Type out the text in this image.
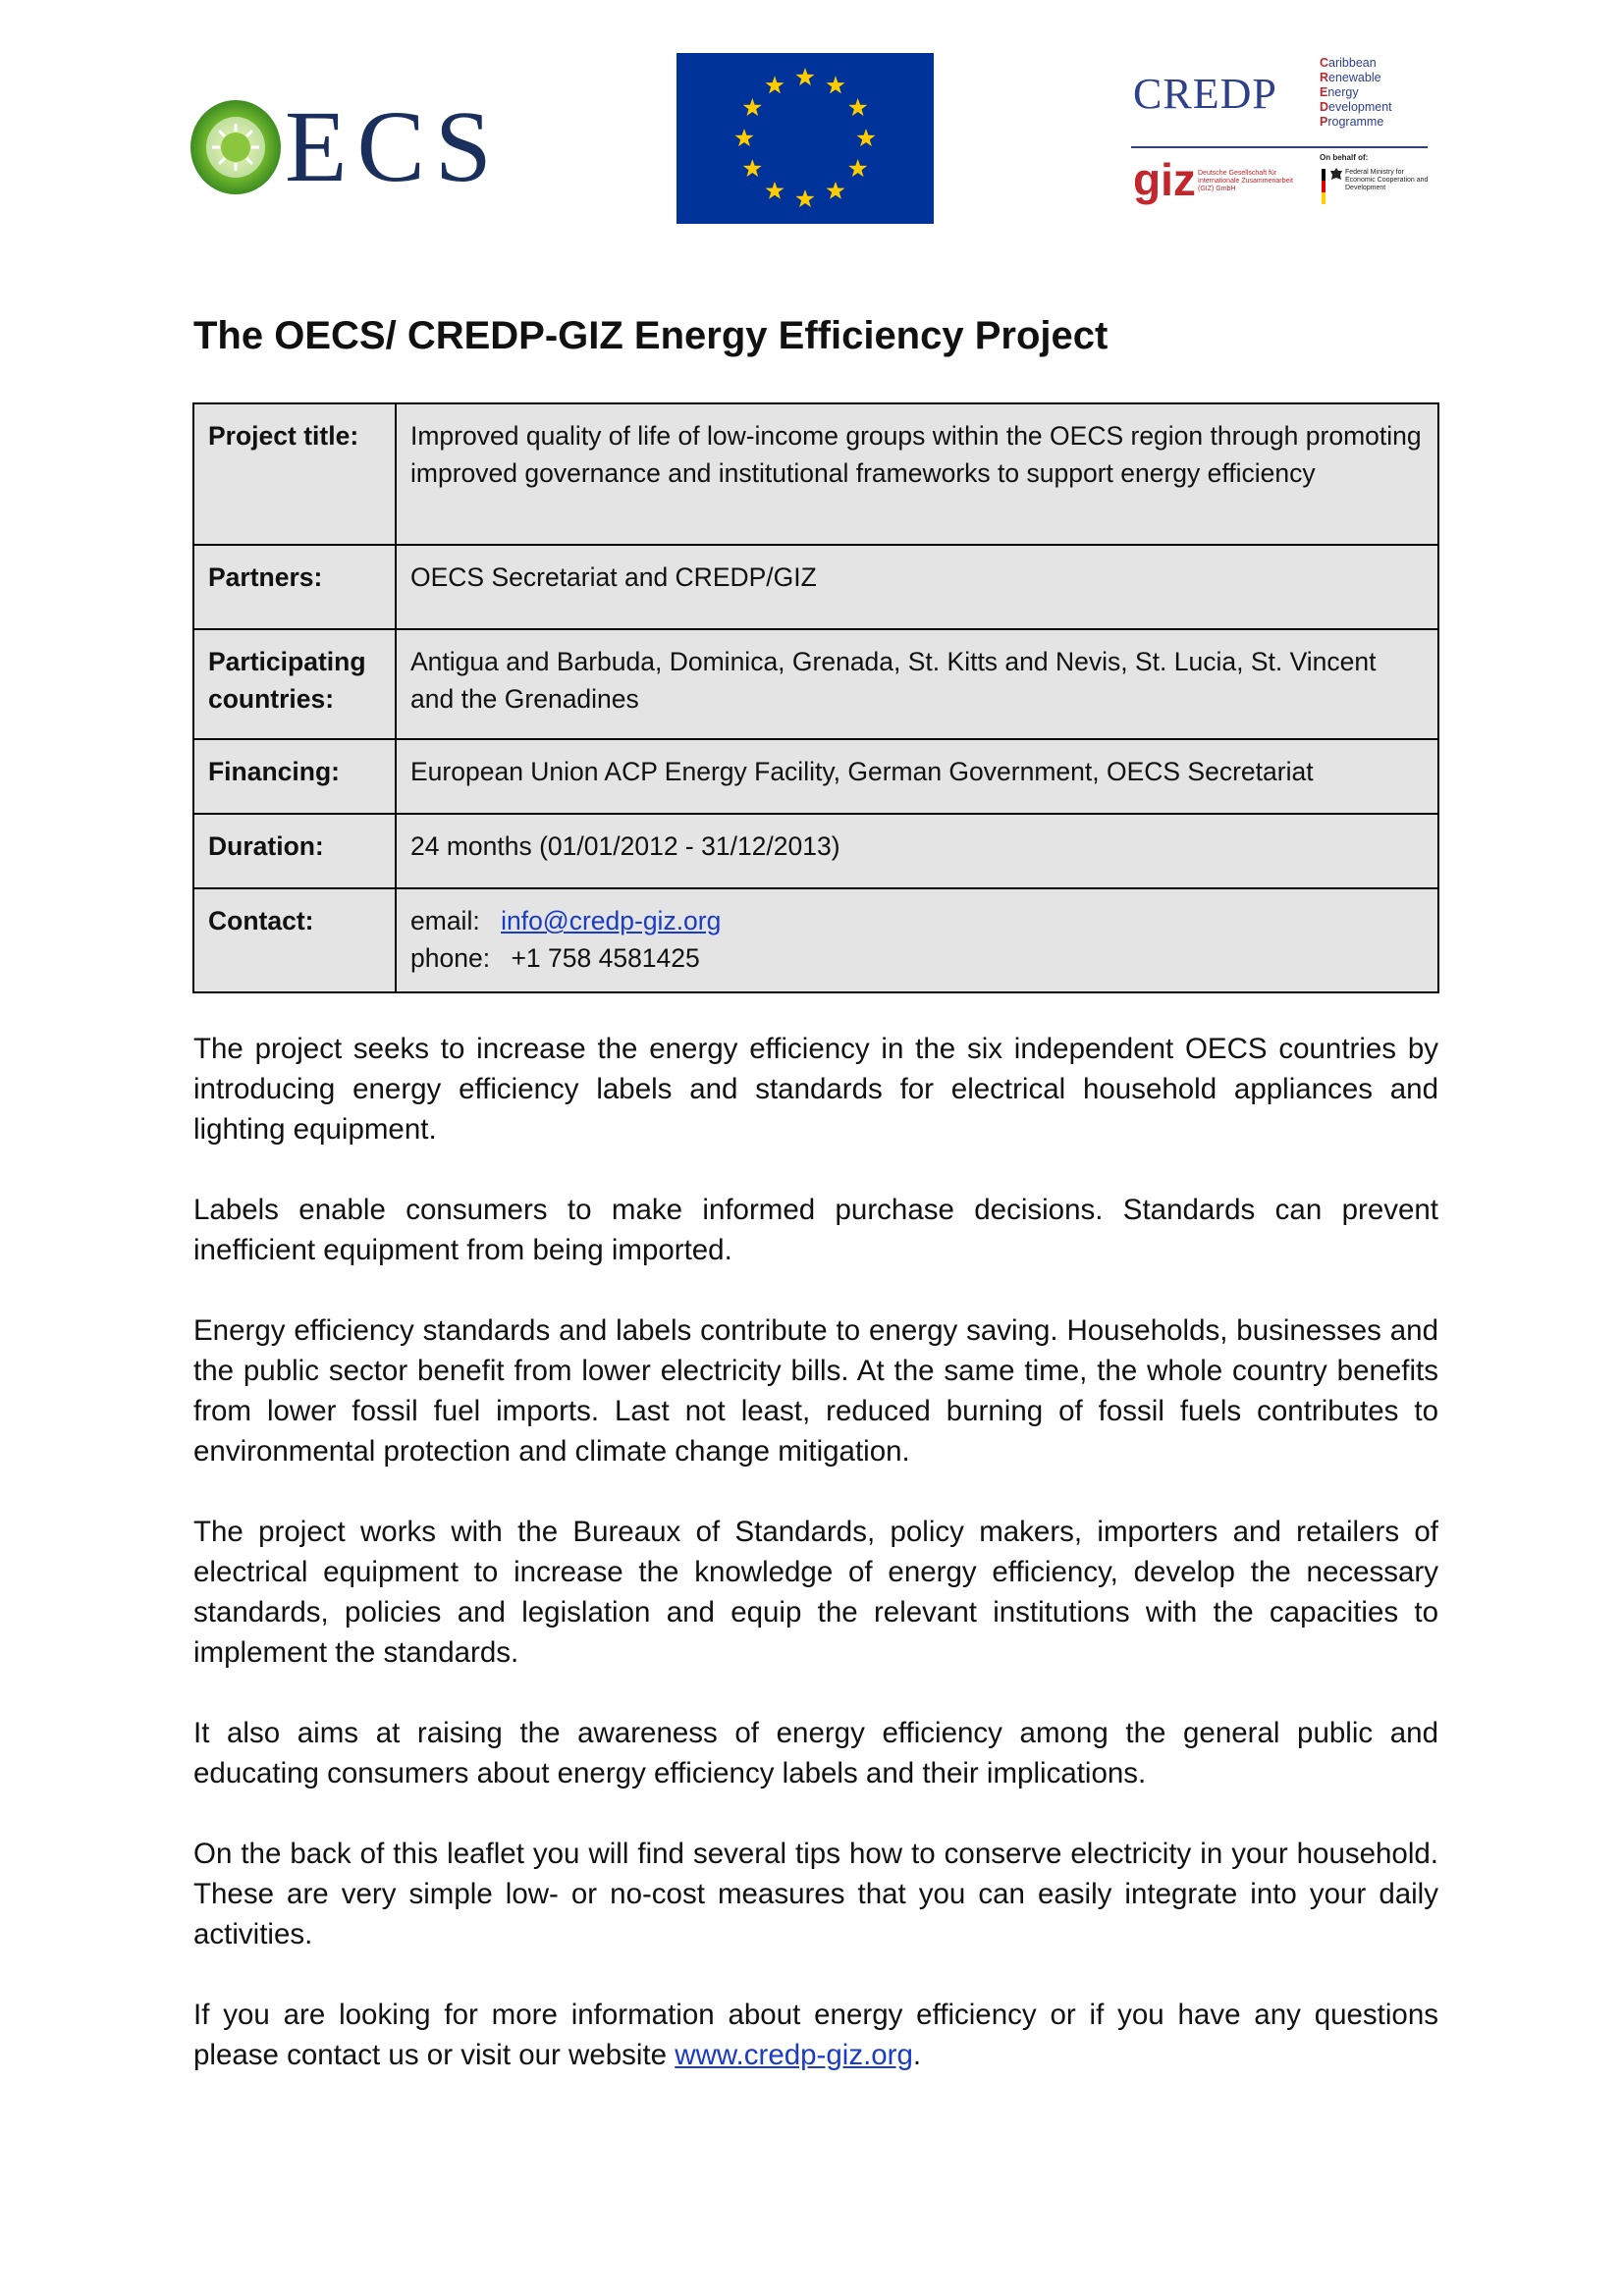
ECS	CREDP
Caribbean
Renewable
Energy
Development
Programme
giz Deutsche Gesellschaft für Internationale Zusammenarbeit (GIZ) GmbH
On behalf of:
Federal Ministry for Economic Cooperation and Development
The OECS/ CREDP-GIZ Energy Efficiency Project
Project title:	Improved quality of life of low-income groups within the OECS region through promoting improved governance and institutional frameworks to support energy efficiency
Partners:	OECS Secretariat and CREDP/GIZ
Participating countries:	Antigua and Barbuda, Dominica, Grenada, St. Kitts and Nevis, St. Lucia, St. Vincent and the Grenadines
Financing:	European Union ACP Energy Facility, German Government, OECS Secretariat
Duration:	24 months (01/01/2012 - 31/12/2013)
Contact:	email: info@credp-giz.org
phone: +1 758 4581425

The project seeks to increase the energy efficiency in the six independent OECS countries by introducing energy efficiency labels and standards for electrical household appliances and lighting equipment.

Labels enable consumers to make informed purchase decisions. Standards can prevent inefficient equipment from being imported.

Energy efficiency standards and labels contribute to energy saving. Households, businesses and the public sector benefit from lower electricity bills. At the same time, the whole country benefits from lower fossil fuel imports. Last not least, reduced burning of fossil fuels contributes to environmental protection and climate change mitigation.

The project works with the Bureaux of Standards, policy makers, importers and retailers of electrical equipment to increase the knowledge of energy efficiency, develop the necessary standards, policies and legislation and equip the relevant institutions with the capacities to implement the standards.

It also aims at raising the awareness of energy efficiency among the general public and educating consumers about energy efficiency labels and their implications.

On the back of this leaflet you will find several tips how to conserve electricity in your household. These are very simple low- or no-cost measures that you can easily integrate into your daily activities.

If you are looking for more information about energy efficiency or if you have any questions please contact us or visit our website www.credp-giz.org.
